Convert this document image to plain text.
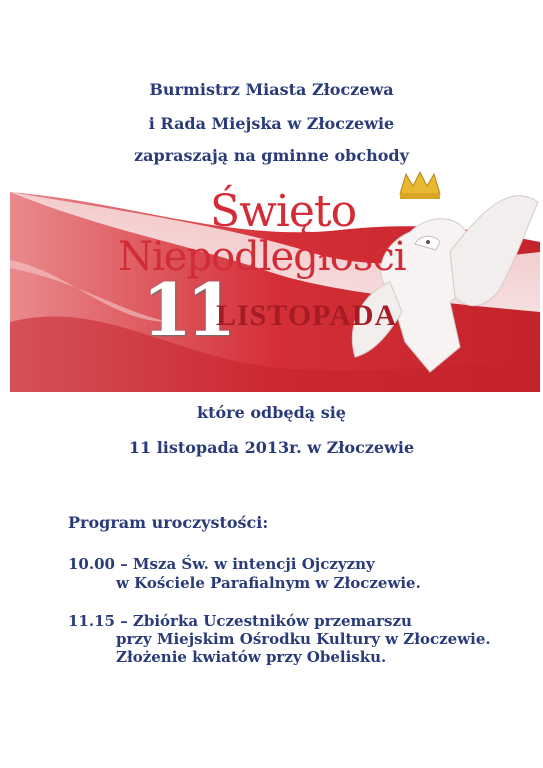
Burmistrz Miasta Złoczewa
i Rada Miejska w Złoczewie
zapraszają na gminne obchody
Święto
Niepodległości
11
LISTOPADA
które odbędą się
11 listopada 2013r. w Złoczewie
Program uroczystości:
10.00 – Msza Św. w intencji Ojczyzny
w Kościele Parafialnym w Złoczewie.
11.15 – Zbiórka Uczestników przemarszu
przy Miejskim Ośrodku Kultury w Złoczewie.
Złożenie kwiatów przy Obelisku.
